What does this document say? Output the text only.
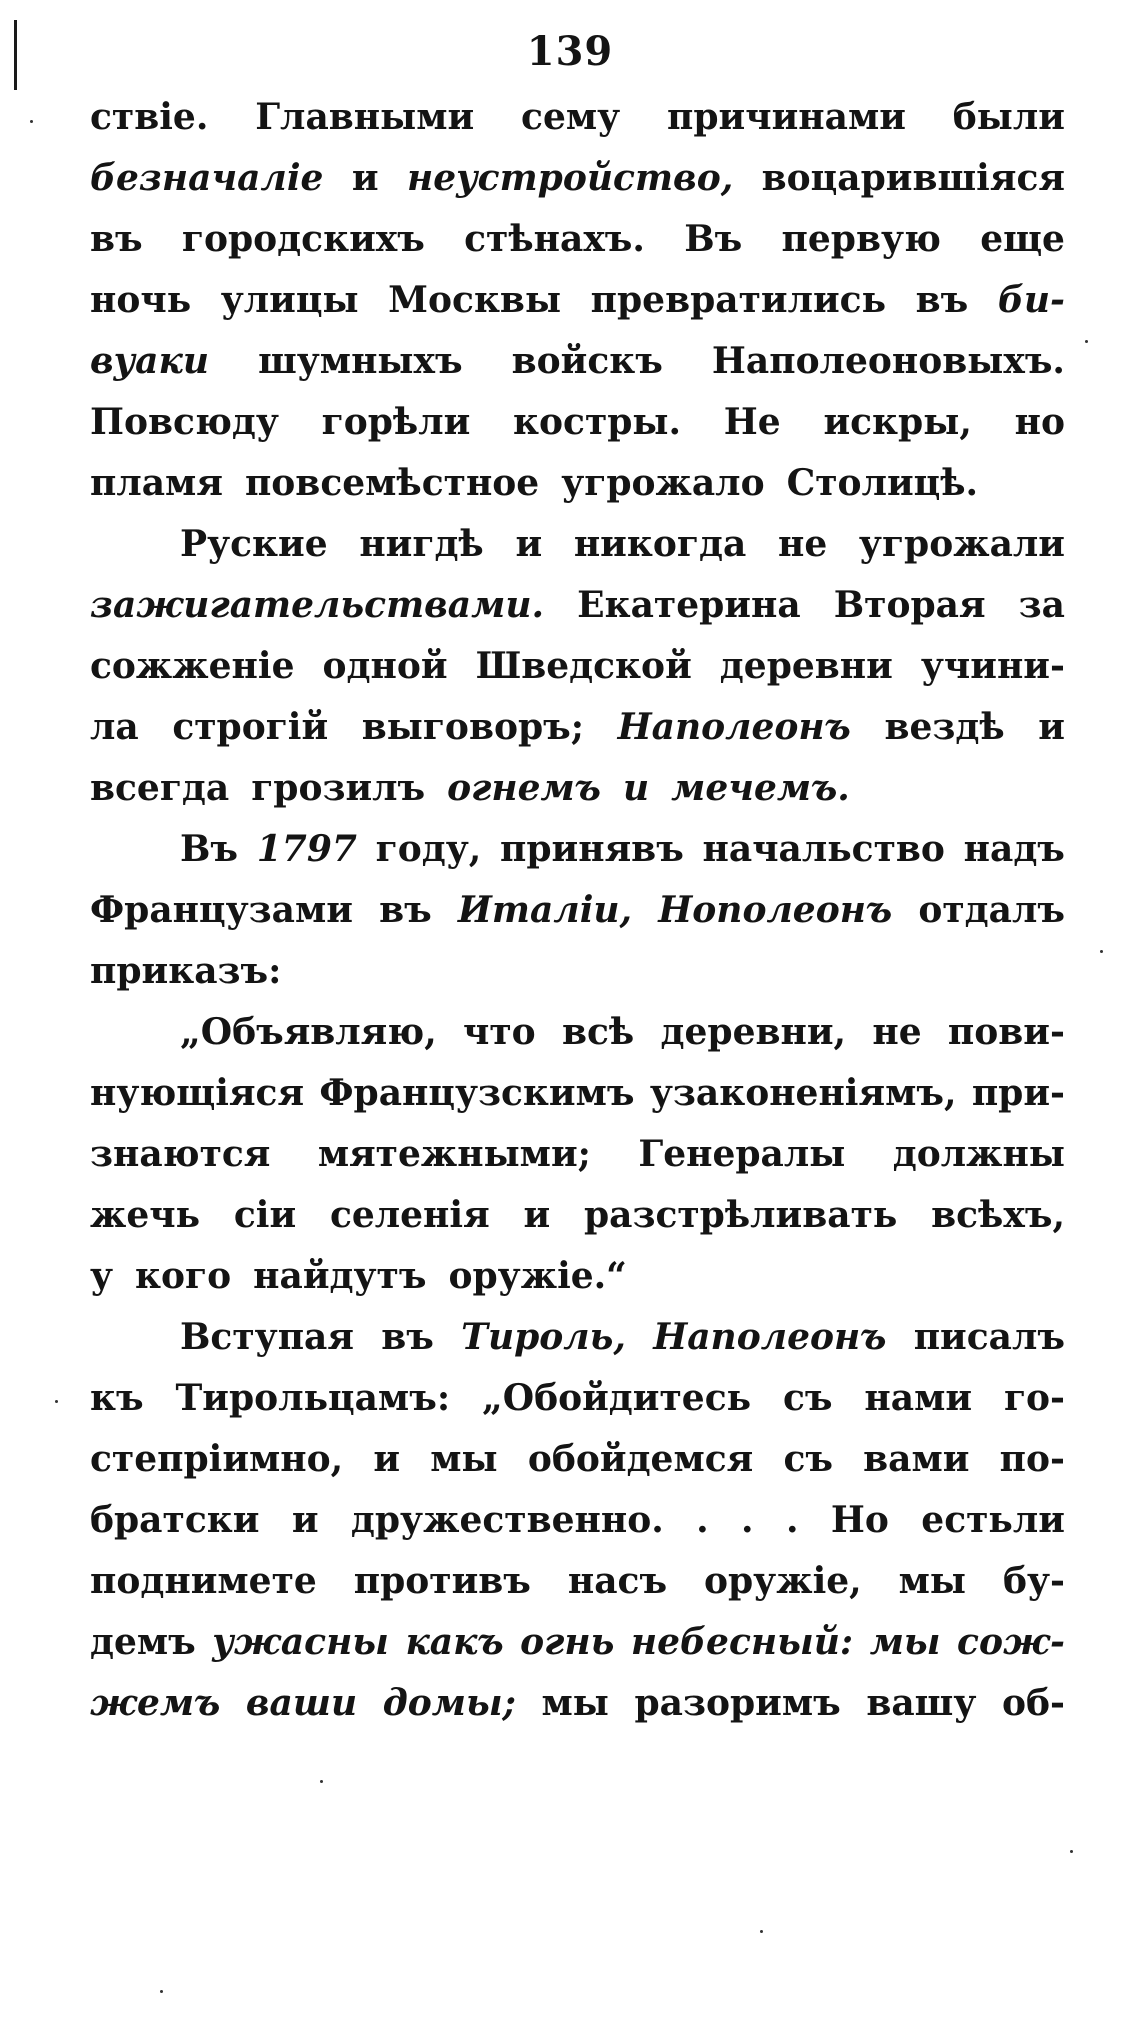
139
ствіе. Главными сему причинами были
безначаліе и неустройство, воцарившіяся
въ городскихъ стѣнахъ. Въ первую еще
ночь улицы Москвы превратились въ би-
вуаки шумныхъ войскъ Наполеоновыхъ.
Повсюду горѣли костры. Не искры, но
пламя повсемѣстное угрожало Столицѣ.
Руские нигдѣ и никогда не угрожали
зажигательствами. Екатерина Вторая за
сожженіе одной Шведской деревни учини-
ла строгій выговоръ; Наполеонъ вездѣ и
всегда грозилъ огнемъ и мечемъ.
Въ 1797 году, принявъ начальство надъ
Французами въ Италіи, Нополеонъ отдалъ
приказъ:
„Объявляю, что всѣ деревни, не пови-
нующіяся Французскимъ узаконеніямъ, при-
знаются мятежными; Генералы должны
жечь сіи селенія и разстрѣливать всѣхъ,
у кого найдутъ оружіе.“
Вступая въ Тироль, Наполеонъ писалъ
къ Тирольцамъ: „Обойдитесь съ нами го-
степріимно, и мы обойдемся съ вами по-
братски и дружественно. . . . Но естьли
поднимете противъ насъ оружіе, мы бу-
демъ ужасны какъ огнь небесный: мы сож-
жемъ ваши домы; мы разоримъ вашу об-
